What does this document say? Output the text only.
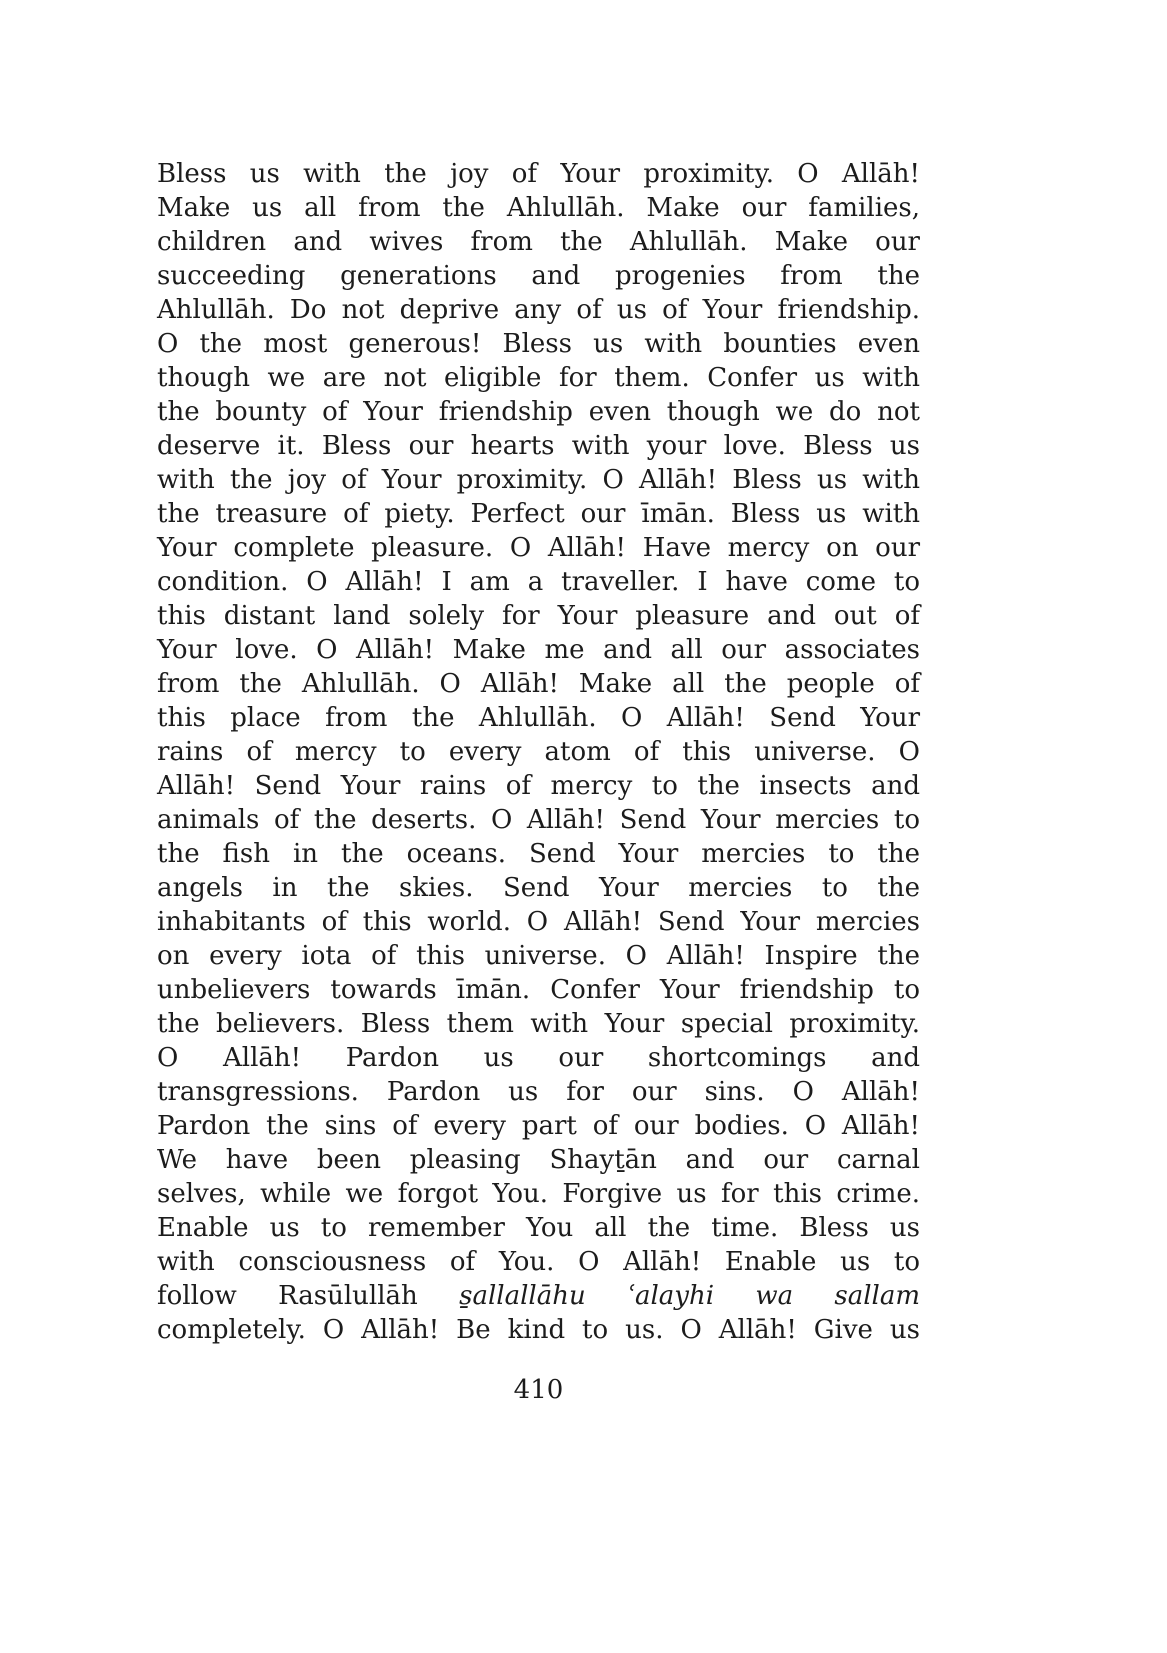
Bless us with the joy of Your proximity. O Allāh!
Make us all from the Ahlullāh. Make our families,
children and wives from the Ahlullāh. Make our
succeeding generations and progenies from the
Ahlullāh. Do not deprive any of us of Your friendship.
O the most generous! Bless us with bounties even
though we are not eligible for them. Confer us with
the bounty of Your friendship even though we do not
deserve it. Bless our hearts with your love. Bless us
with the joy of Your proximity. O Allāh! Bless us with
the treasure of piety. Perfect our īmān. Bless us with
Your complete pleasure. O Allāh! Have mercy on our
condition. O Allāh! I am a traveller. I have come to
this distant land solely for Your pleasure and out of
Your love. O Allāh! Make me and all our associates
from the Ahlullāh. O Allāh! Make all the people of
this place from the Ahlullāh. O Allāh! Send Your
rains of mercy to every atom of this universe. O
Allāh! Send Your rains of mercy to the insects and
animals of the deserts. O Allāh! Send Your mercies to
the fish in the oceans. Send Your mercies to the
angels in the skies. Send Your mercies to the
inhabitants of this world. O Allāh! Send Your mercies
on every iota of this universe. O Allāh! Inspire the
unbelievers towards īmān. Confer Your friendship to
the believers. Bless them with Your special proximity.
O Allāh! Pardon us our shortcomings and
transgressions. Pardon us for our sins. O Allāh!
Pardon the sins of every part of our bodies. O Allāh!
We have been pleasing Shayṯān and our carnal
selves, while we forgot You. Forgive us for this crime.
Enable us to remember You all the time. Bless us
with consciousness of You. O Allāh! Enable us to
follow Rasūlullāh s̱allallāhu ʿalayhi wa sallam
completely. O Allāh! Be kind to us. O Allāh! Give us
410
